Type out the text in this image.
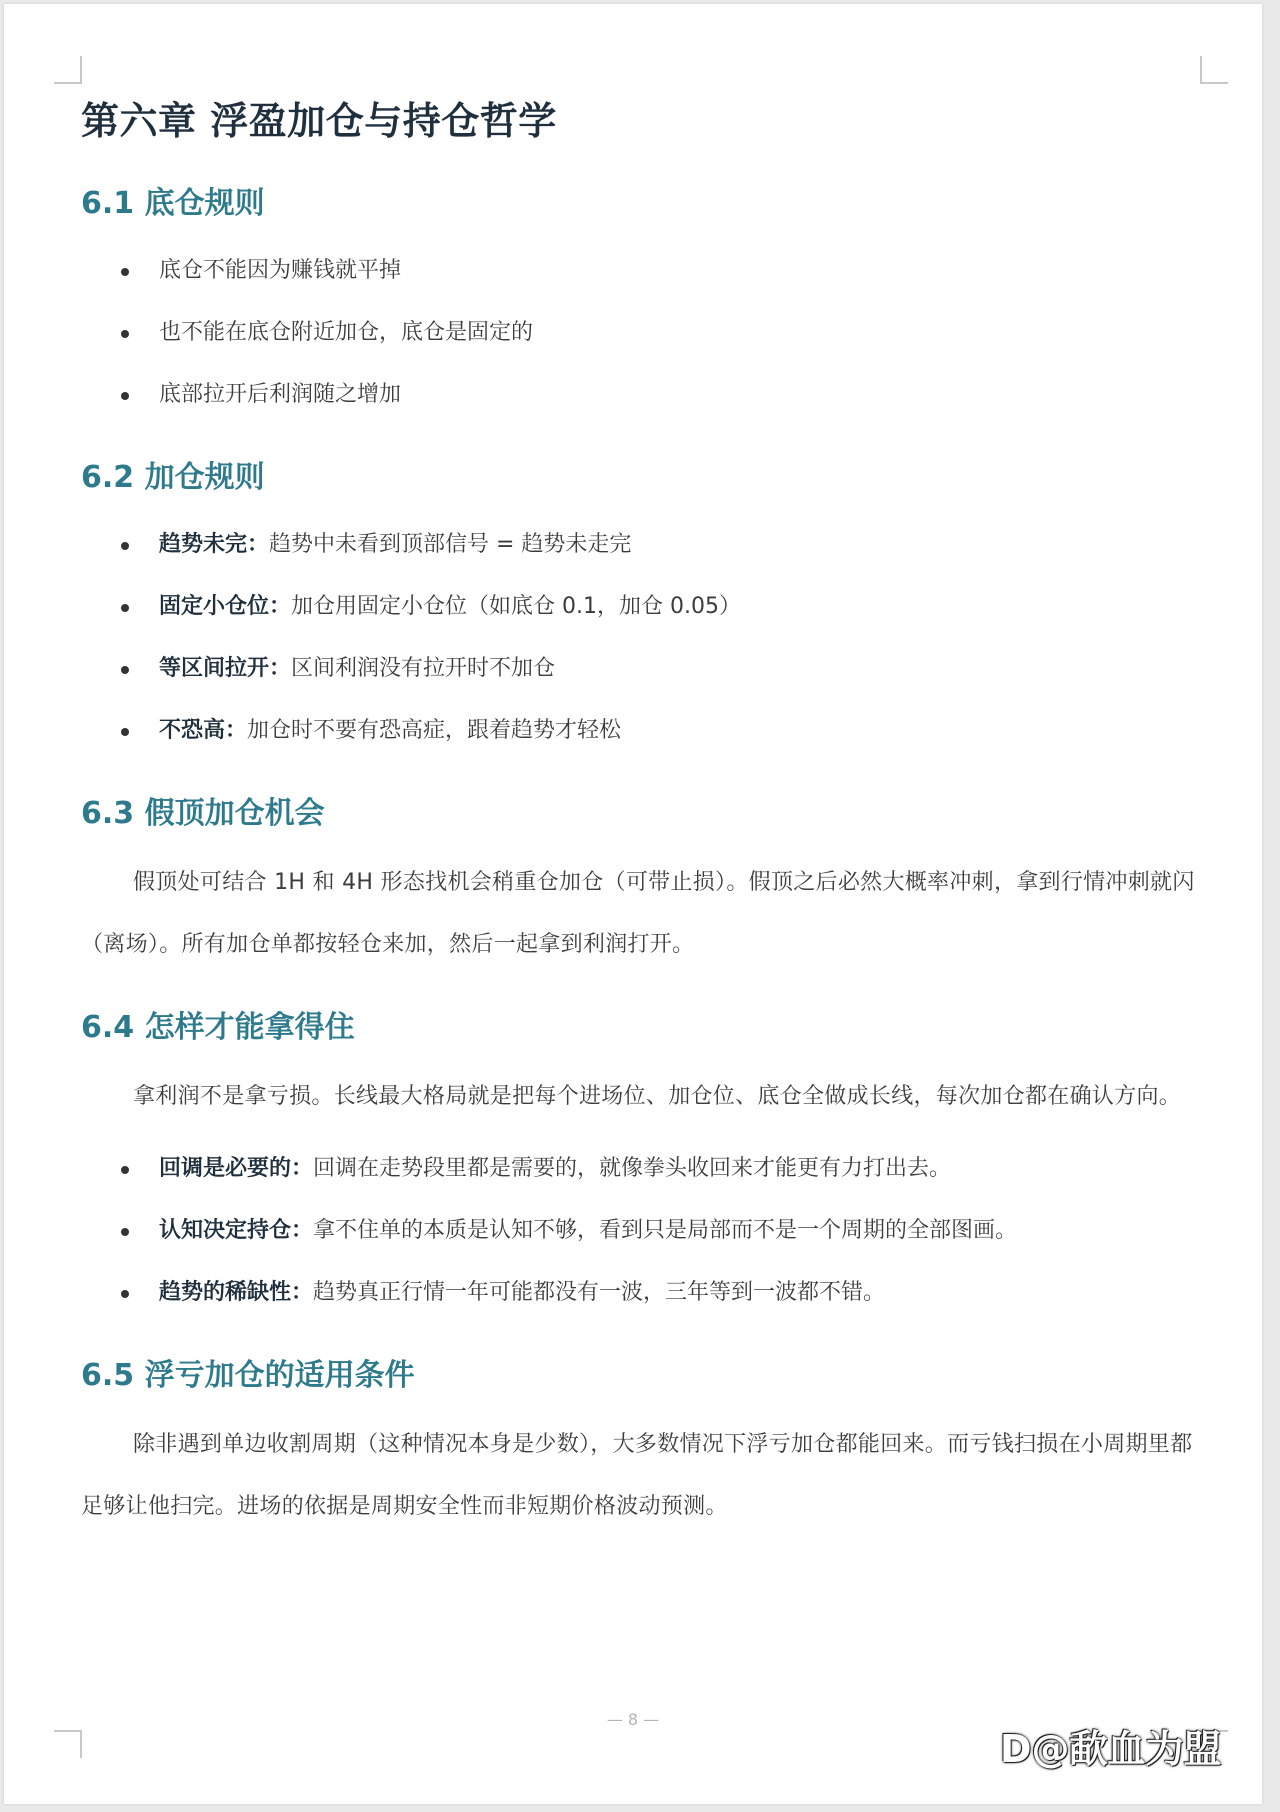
第六章 浮盈加仓与持仓哲学
6.1 底仓规则
底仓不能因为赚钱就平掉
也不能在底仓附近加仓，底仓是固定的
底部拉开后利润随之增加
6.2 加仓规则
趋势未完：趋势中未看到顶部信号 = 趋势未走完
固定小仓位：加仓用固定小仓位（如底仓 0.1，加仓 0.05）
等区间拉开：区间利润没有拉开时不加仓
不恐高：加仓时不要有恐高症，跟着趋势才轻松
6.3 假顶加仓机会

假顶处可结合 1H 和 4H 形态找机会稍重仓加仓（可带止损）。假顶之后必然大概率冲刺，拿到行情冲刺就闪（离场）。所有加仓单都按轻仓来加，然后一起拿到利润打开。

6.4 怎样才能拿得住

拿利润不是拿亏损。长线最大格局就是把每个进场位、加仓位、底仓全做成长线，每次加仓都在确认方向。

回调是必要的：回调在走势段里都是需要的，就像拳头收回来才能更有力打出去。
认知决定持仓：拿不住单的本质是认知不够，看到只是局部而不是一个周期的全部图画。
趋势的稀缺性：趋势真正行情一年可能都没有一波，三年等到一波都不错。
6.5 浮亏加仓的适用条件

除非遇到单边收割周期（这种情况本身是少数），大多数情况下浮亏加仓都能回来。而亏钱扫损在小周期里都足够让他扫完。进场的依据是周期安全性而非短期价格波动预测。

— 8 —
D@歃血为盟
